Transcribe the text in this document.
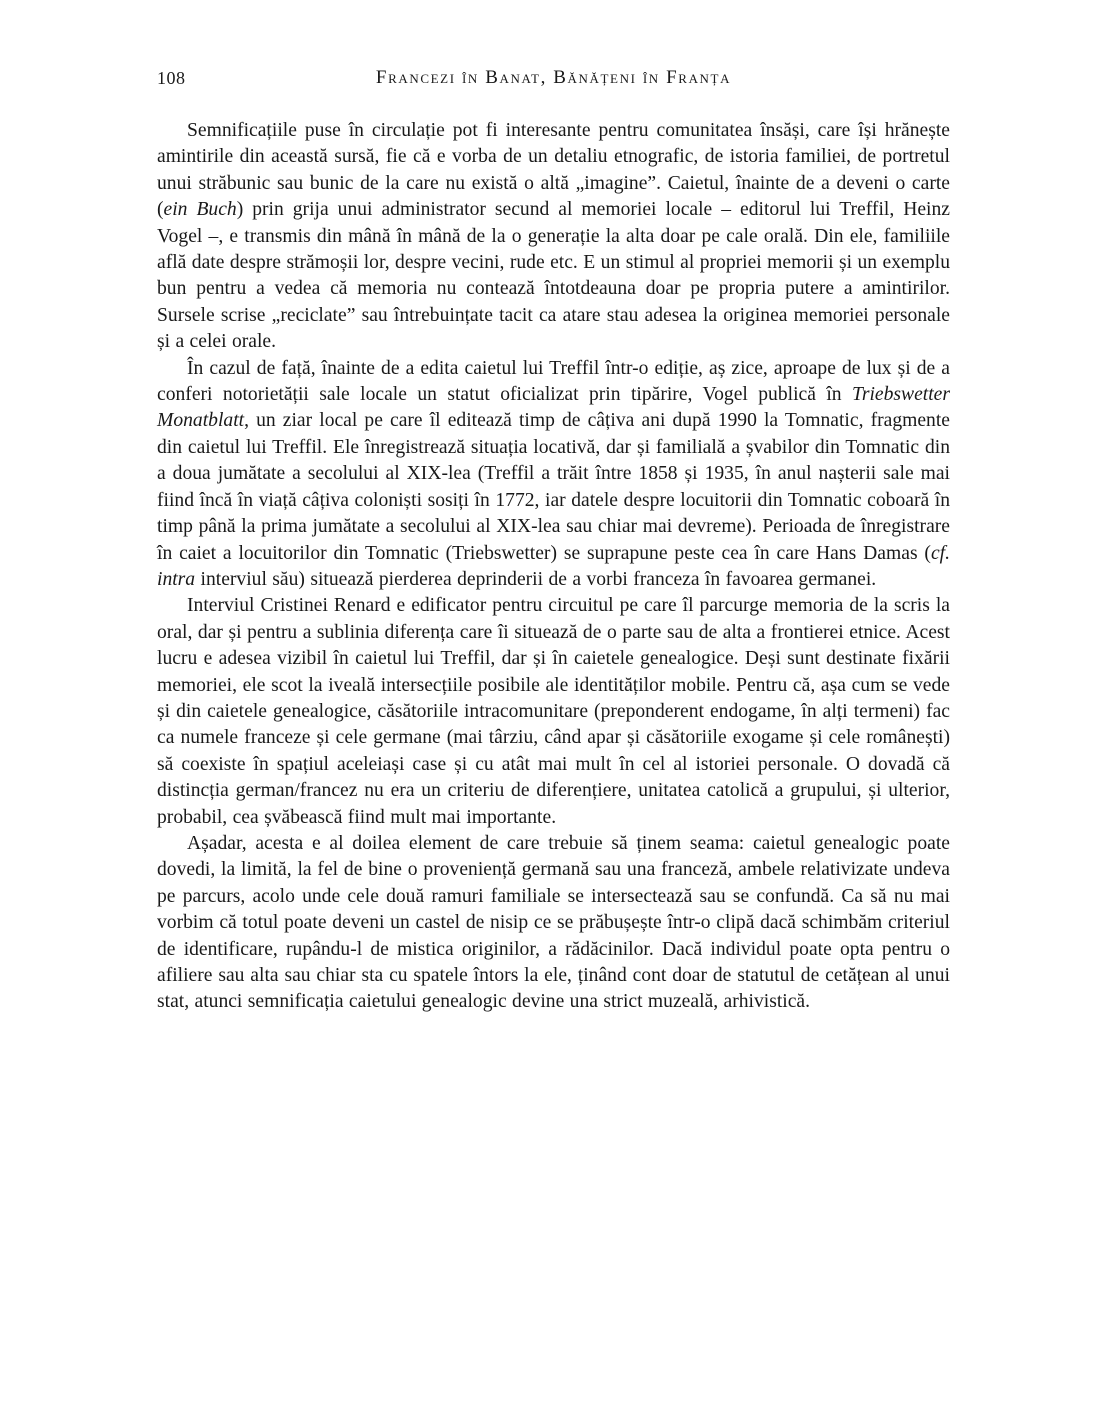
108	Francezi în Banat, Bănățeni în Franța

Semnificațiile puse în circulație pot fi interesante pentru comunitatea însăși, care își hrănește amintirile din această sursă, fie că e vorba de un detaliu etnografic, de istoria familiei, de portretul unui străbunic sau bunic de la care nu există o altă „imagine”. Caietul, înainte de a deveni o carte (ein Buch) prin grija unui administrator secund al memoriei locale – editorul lui Treffil, Heinz Vogel –, e transmis din mână în mână de la o generație la alta doar pe cale orală. Din ele, familiile află date despre strămoșii lor, despre vecini, rude etc. E un stimul al propriei memorii și un exemplu bun pentru a vedea că memoria nu contează întotdeauna doar pe propria putere a amintirilor. Sursele scrise „reciclate” sau întrebuințate tacit ca atare stau adesea la originea memoriei personale și a celei orale.

În cazul de față, înainte de a edita caietul lui Treffil într-o ediție, aș zice, aproape de lux și de a conferi notorietății sale locale un statut oficializat prin tipărire, Vogel publică în Triebswetter Monatblatt, un ziar local pe care îl editează timp de câțiva ani după 1990 la Tomnatic, fragmente din caietul lui Treffil. Ele înregistrează situația locativă, dar și familială a șvabilor din Tomnatic din a doua jumătate a secolului al XIX-lea (Treffil a trăit între 1858 și 1935, în anul nașterii sale mai fiind încă în viață câțiva coloniști sosiți în 1772, iar datele despre locuitorii din Tomnatic coboară în timp până la prima jumătate a secolului al XIX-lea sau chiar mai devreme). Perioada de înregistrare în caiet a locuitorilor din Tomnatic (Triebswetter) se suprapune peste cea în care Hans Damas (cf. intra interviul său) situează pierderea deprinderii de a vorbi franceza în favoarea germanei.

Interviul Cristinei Renard e edificator pentru circuitul pe care îl parcurge memoria de la scris la oral, dar și pentru a sublinia diferența care îi situează de o parte sau de alta a frontierei etnice. Acest lucru e adesea vizibil în caietul lui Treffil, dar și în caietele genealogice. Deși sunt destinate fixării memoriei, ele scot la iveală intersecțiile posibile ale identităților mobile. Pentru că, așa cum se vede și din caietele genealogice, căsătoriile intracomunitare (preponderent endogame, în alți termeni) fac ca numele franceze și cele germane (mai târziu, când apar și căsătoriile exogame și cele românești) să coexiste în spațiul aceleiași case și cu atât mai mult în cel al istoriei personale. O dovadă că distincția german/francez nu era un criteriu de diferențiere, unitatea catolică a grupului, și ulterior, probabil, cea șvăbească fiind mult mai importante.

Așadar, acesta e al doilea element de care trebuie să ținem seama: caietul genealogic poate dovedi, la limită, la fel de bine o proveniență germană sau una franceză, ambele relativizate undeva pe parcurs, acolo unde cele două ramuri familiale se intersectează sau se confundă. Ca să nu mai vorbim că totul poate deveni un castel de nisip ce se prăbușește într-o clipă dacă schimbăm criteriul de identificare, rupându-l de mistica originilor, a rădăcinilor. Dacă individul poate opta pentru o afiliere sau alta sau chiar sta cu spatele întors la ele, ținând cont doar de statutul de cetățean al unui stat, atunci semnificația caietului genealogic devine una strict muzeală, arhivistică.
